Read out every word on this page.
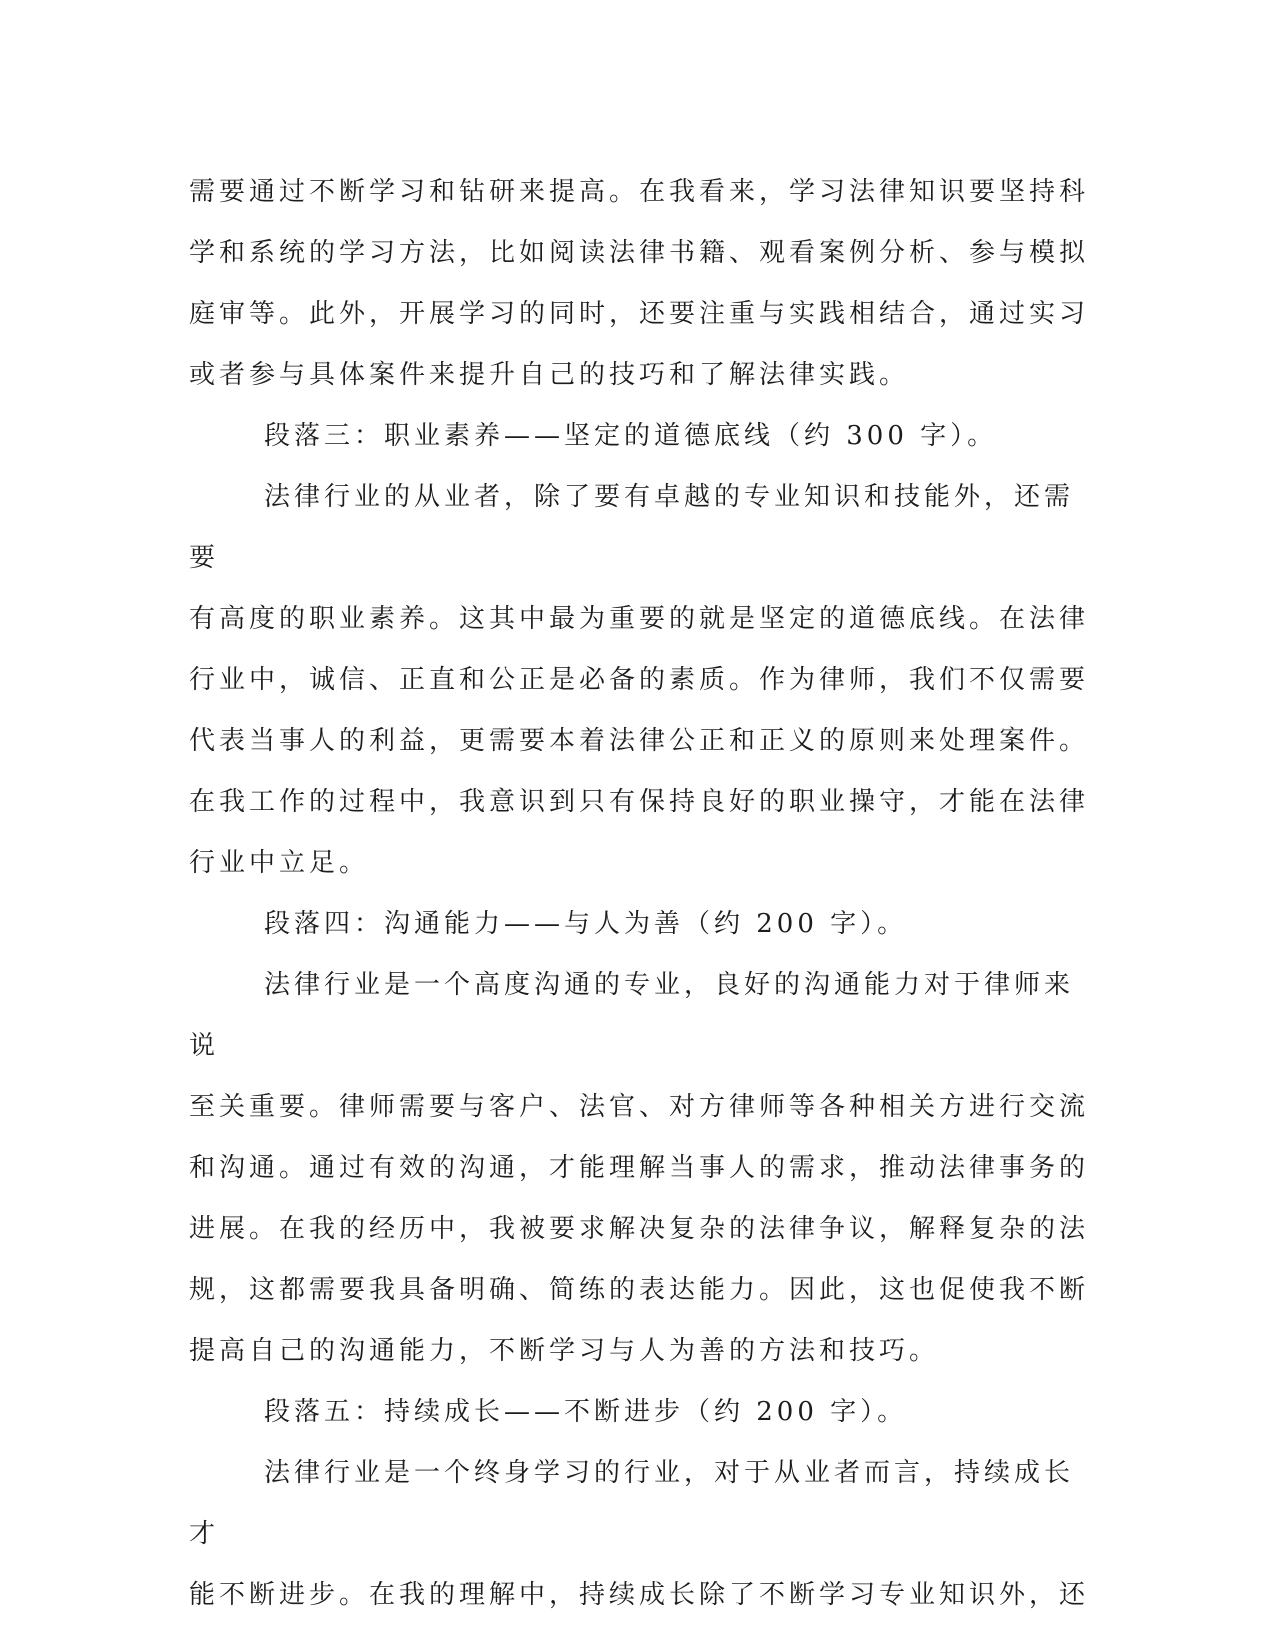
需要通过不断学习和钻研来提高。在我看来，学习法律知识要坚持科
学和系统的学习方法，比如阅读法律书籍、观看案例分析、参与模拟
庭审等。此外，开展学习的同时，还要注重与实践相结合，通过实习
或者参与具体案件来提升自己的技巧和了解法律实践。

段落三：职业素养——坚定的道德底线（约 300 字）。

法律行业的从业者，除了要有卓越的专业知识和技能外，还需要
有高度的职业素养。这其中最为重要的就是坚定的道德底线。在法律
行业中，诚信、正直和公正是必备的素质。作为律师，我们不仅需要
代表当事人的利益，更需要本着法律公正和正义的原则来处理案件。
在我工作的过程中，我意识到只有保持良好的职业操守，才能在法律
行业中立足。

段落四：沟通能力——与人为善（约 200 字）。

法律行业是一个高度沟通的专业，良好的沟通能力对于律师来说
至关重要。律师需要与客户、法官、对方律师等各种相关方进行交流
和沟通。通过有效的沟通，才能理解当事人的需求，推动法律事务的
进展。在我的经历中，我被要求解决复杂的法律争议，解释复杂的法
规，这都需要我具备明确、简练的表达能力。因此，这也促使我不断
提高自己的沟通能力，不断学习与人为善的方法和技巧。

段落五：持续成长——不断进步（约 200 字）。

法律行业是一个终身学习的行业，对于从业者而言，持续成长才
能不断进步。在我的理解中，持续成长除了不断学习专业知识外，还
